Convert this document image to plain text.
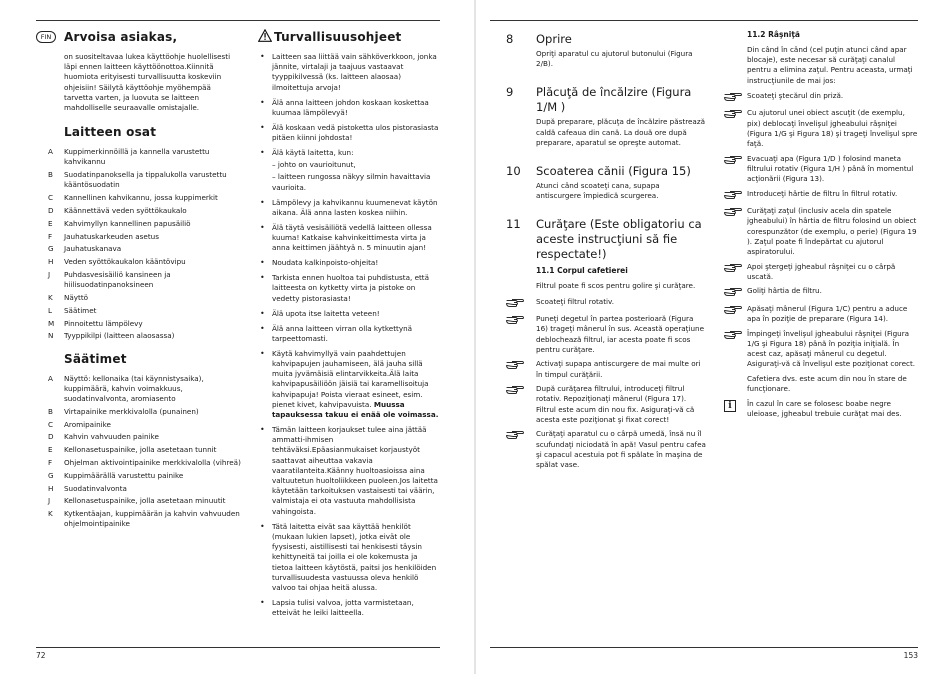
FIN	Arvoisa asiakas,
on suositeltavaa lukea käyttöohje huolellisesti läpi ennen laitteen käyttöönottoa.Kiinnitä huomiota erityisesti turvallisuutta koskeviin ohjeisiin! Säilytä käyttöohje myöhempää tarvetta varten, ja luovuta se laitteen mahdolliselle seuraavalle omistajalle.
Laitteen osat
A	Kuppimerkinnöillä ja kannella varustettu kahvikannu
B	Suodatinpanoksella ja tippalukolla varustettu kääntösuodatin
C	Kannellinen kahvikannu, jossa kuppimerkit
D	Käännettävä veden syöttökaukalo
E	Kahvimyllyn kannellinen papusäiliö
F	Jauhatuskarkeuden asetus
G	Jauhatuskanava
H	Veden syöttökaukalon kääntövipu
J	Puhdasvesisäiliö kansineen ja hiilisuodatinpanoksineen
K	Näyttö
L	Säätimet
M	Pinnoitettu lämpölevy
N	Tyyppikilpi (laitteen alaosassa)
Säätimet
A	Näyttö: kellonaika (tai käynnistysaika), kuppimäärä, kahvin voimakkuus, suodatinvalvonta, aromiasento
B	Virtapainike merkkivalolla (punainen)
C	Aromipainike
D	Kahvin vahvuuden painike
E	Kellonasetuspainike, jolla asetetaan tunnit
F	Ohjelman aktivointipainike merkkivalolla (vihreä)
G	Kuppimäärällä varustettu painike
H	Suodatinvalvonta
J	Kellonasetuspainike, jolla asetetaan minuutit
K	Kytkentäajan, kuppimäärän ja kahvin vahvuuden ohjelmointipainike
Turvallisuusohjeet
• Laitteen saa liittää vain sähköverkkoon, jonka jännite, virtalaji ja taajuus vastaavat tyyppikilvessä (ks. laitteen alaosaa) ilmoitettuja arvoja!
• Älä anna laitteen johdon koskaan koskettaa kuumaa lämpölevyä!
• Älä koskaan vedä pistoketta ulos pistorasiasta pitäen kiinni johdosta!
• Älä käytä laitetta, kun:
– johto on vaurioitunut,
– laitteen rungossa näkyy silmin havaittavia vaurioita.
• Lämpölevy ja kahvikannu kuumenevat käytön aikana. Älä anna lasten koskea niihin.
• Älä täytä vesisäiliötä vedellä laitteen ollessa kuuma! Katkaise kahvinkeittimesta virta ja anna keittimen jäähtyä n. 5 minuutin ajan!
• Noudata kalkinpoisto-ohjeita!
• Tarkista ennen huoltoa tai puhdistusta, että laitteesta on kytketty virta ja pistoke on vedetty pistorasiasta!
• Älä upota itse laitetta veteen!
• Älä anna laitteen virran olla kytkettynä tarpeettomasti.
• Käytä kahvimyllyä vain paahdettujen kahvipapujen jauhamiseen, älä jauha sillä muita jyvämäisiä elintarvikkeita.Älä laita kahvipapusäiliöön jäisiä tai karamellisoituja kahvipapuja! Poista vieraat esineet, esim. pienet kivet, kahvipavuista. Muussa tapauksessa takuu ei enää ole voimassa.
• Tämän laitteen korjaukset tulee aina jättää ammatti-ihmisen tehtäväksi.Epäasianmukaiset korjaustyöt saattavat aiheuttaa vakavia vaaratilanteita.Käänny huoltoasioissa aina valtuutetun huoltoliikkeen puoleen.Jos laitetta käytetään tarkoituksen vastaisesti tai väärin, valmistaja ei ota vastuuta mahdollisista vahingoista.
• Tätä laitetta eivät saa käyttää henkilöt (mukaan lukien lapset), jotka eivät ole fyysisesti, aistillisesti tai henkisesti täysin kehittyneitä tai joilla ei ole kokemusta ja tietoa laitteen käytöstä, paitsi jos henkilöiden turvallisuudesta vastuussa oleva henkilö valvoo tai ohjaa heitä alussa.
• Lapsia tulisi valvoa, jotta varmistetaan, etteivät he leiki laitteella.
72
8	Oprire
Opriţi aparatul cu ajutorul butonului (Figura 2/B).
9	Plăcuţă de încălzire (Figura 1/M )
După preparare, plăcuţa de încălzire păstrează caldă cafeaua din cană. La două ore după preparare, aparatul se opreşte automat.
10	Scoaterea cănii (Figura 15)
Atunci când scoateţi cana, supapa antiscurgere împiedică scurgerea.
11	Curăţare (Este obligatoriu ca aceste instrucţiuni să fie respectate!)
11.1 Corpul cafetierei
Filtrul poate fi scos pentru golire şi curăţare.
Scoateţi filtrul rotativ.
Puneţi degetul în partea posterioară (Figura 16) trageţi mânerul în sus. Această operaţiune deblochează filtrul, iar acesta poate fi scos pentru curăţare.
Activaţi supapa antiscurgere de mai multe ori în timpul curăţării.
După curăţarea filtrului, introduceţi filtrul rotativ. Repoziţionaţi mânerul (Figura 17). Filtrul este acum din nou fix. Asiguraţi-vă că acesta este poziţionat şi fixat corect!
Curăţaţi aparatul cu o cârpă umedă, însă nu îl scufundaţi niciodată în apă! Vasul pentru cafea şi capacul acestuia pot fi spălate în maşina de spălat vase.
11.2 Râşniţă
Din când în când (cel puţin atunci când apar blocaje), este necesar să curăţaţi canalul pentru a elimina zaţul. Pentru aceasta, urmaţi instrucţiunile de mai jos:
Scoateţi ştecărul din priză.
Cu ajutorul unei obiect ascuţit (de exemplu, pix) deblocaţi învelişul jgheabului râşniţei (Figura 1/G şi Figura 18) şi trageţi învelişul spre faţă.
Evacuaţi apa (Figura 1/D ) folosind maneta filtrului rotativ (Figura 1/H ) până în momentul acţionării (Figura 13).
Introduceţi hârtie de filtru în filtrul rotativ.
Curăţaţi zaţul (inclusiv acela din spatele jgheabului) în hârtia de filtru folosind un obiect corespunzător (de exemplu, o perie) (Figura 19 ). Zaţul poate fi îndepărtat cu ajutorul aspiratorului.
Apoi ştergeţi jgheabul râşniţei cu o cârpă uscată.
Goliţi hârtia de filtru.
Apăsaţi mânerul (Figura 1/C) pentru a aduce apa în poziţie de preparare (Figura 14).
Împingeţi învelişul jgheabului râşniţei (Figura 1/G şi Figura 18) până în poziţia iniţială. În acest caz, apăsaţi mânerul cu degetul. Asiguraţi-vă că învelişul este poziţionat corect.
Cafetiera dvs. este acum din nou în stare de funcţionare.
i	În cazul în care se folosesc boabe negre uleioase, jgheabul trebuie curăţat mai des.
153
